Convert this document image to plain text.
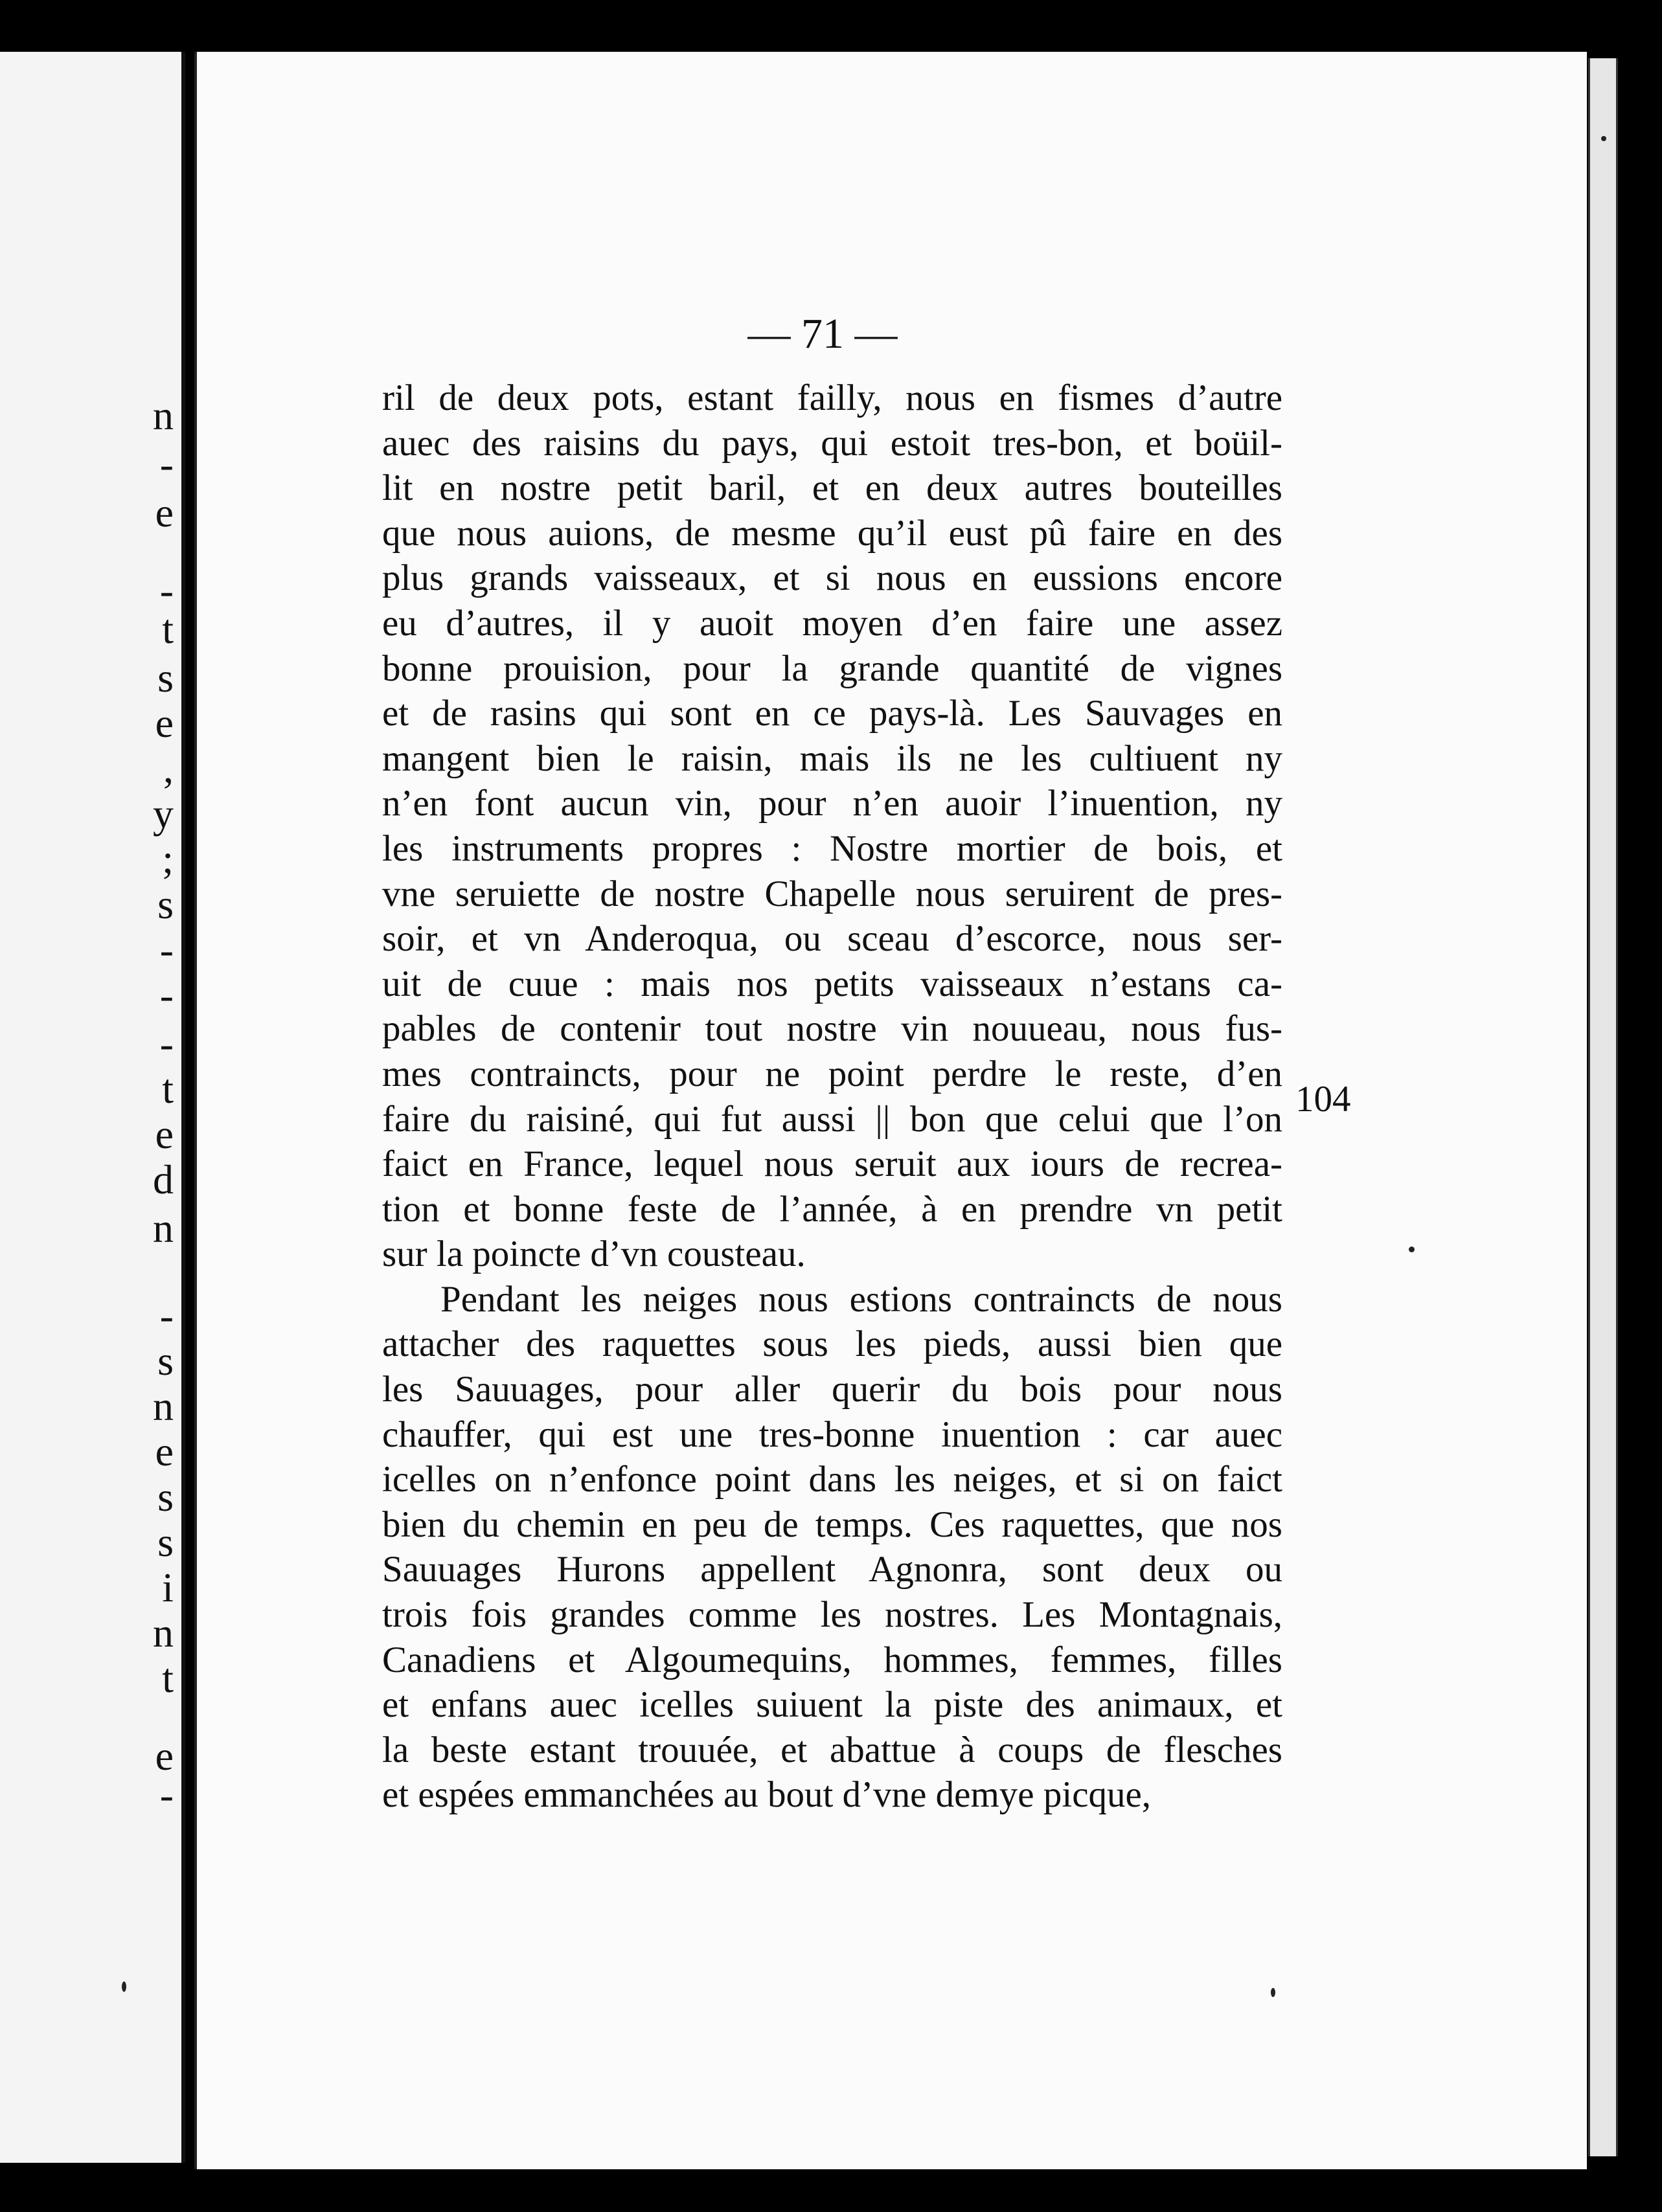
n
-
e
-
t
s
e
,
y
;
s
-
-
-
t
e
d
n
-
s
n
e
s
s
i
n
t
e
-
— 71 —
ril de deux pots, estant failly, nous en fismes d’autre
auec des raisins du pays, qui estoit tres-bon, et boüil-
lit en nostre petit baril, et en deux autres bouteilles
que nous auions, de mesme qu’il eust pû faire en des
plus grands vaisseaux, et si nous en eussions encore
eu d’autres, il y auoit moyen d’en faire une assez
bonne prouision, pour la grande quantité de vignes
et de rasins qui sont en ce pays-là. Les Sauvages en
mangent bien le raisin, mais ils ne les cultiuent ny
n’en font aucun vin, pour n’en auoir l’inuention, ny
les instruments propres : Nostre mortier de bois, et
vne seruiette de nostre Chapelle nous seruirent de pres-
soir, et vn Anderoqua, ou sceau d’escorce, nous ser-
uit de cuue : mais nos petits vaisseaux n’estans ca-
pables de contenir tout nostre vin nouueau, nous fus-
mes contraincts, pour ne point perdre le reste, d’en
faire du raisiné, qui fut aussi || bon que celui que l’on
faict en France, lequel nous seruit aux iours de recrea-
tion et bonne feste de l’année, à en prendre vn petit
sur la poincte d’vn cousteau.
Pendant les neiges nous estions contraincts de nous
attacher des raquettes sous les pieds, aussi bien que
les Sauuages, pour aller querir du bois pour nous
chauffer, qui est une tres-bonne inuention : car auec
icelles on n’enfonce point dans les neiges, et si on faict
bien du chemin en peu de temps. Ces raquettes, que nos
Sauuages Hurons appellent Agnonra, sont deux ou
trois fois grandes comme les nostres. Les Montagnais,
Canadiens et Algoumequins, hommes, femmes, filles
et enfans auec icelles suiuent la piste des animaux, et
la beste estant trouuée, et abattue à coups de flesches
et espées emmanchées au bout d’vne demye picque,
104
